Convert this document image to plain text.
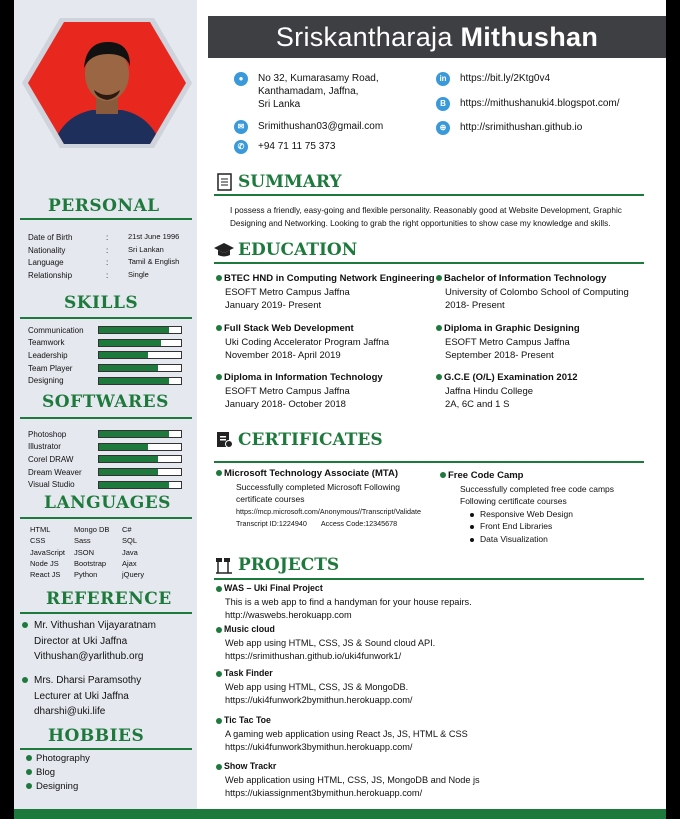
PERSONAL
Date of Birth	:	21st June 1996
Nationality	:	Sri Lankan
Language	:	Tamil & English
Relationship	:	Single
SKILLS
Communication
Teamwork
Leadership
Team Player
Designing
SOFTWARES
Photoshop
Illustrator
Corel DRAW
Dream Weaver
Visual Studio
LANGUAGES
HTML	Mongo DB	C#
CSS	Sass	SQL
JavaScript	JSON	Java
Node JS	Bootstrap	Ajax
React JS	Python	jQuery
REFERENCE
Mr. Vithushan Vijayaratnam
Director at Uki Jaffna
Vithushan@yarlithub.org
Mrs. Dharsi Paramsothy
Lecturer at Uki Jaffna
dharshi@uki.life
HOBBIES
Photography
Blog
Designing
Sriskantharaja Mithushan
●	No 32, Kumarasamy Road,
Kanthamadam, Jaffna,
Sri Lanka
✉	Srimithushan03@gmail.com
✆	+94 71 11 75 373
in	https://bit.ly/2Ktg0v4
B	https://mithushanuki4.blogspot.com/
⊕	http://srimithushan.github.io
SUMMARY
I possess a friendly, easy-going and flexible personality. Reasonably good at Website Development, Graphic Designing and Networking. Looking to grab the right opportunities to show case my knowledge and skills.
EDUCATION
BTEC HND in Computing Network Engineering
ESOFT Metro Campus Jaffna
January 2019- Present
Bachelor of Information Technology
University of Colombo School of Computing
2018- Present
Full Stack Web Development
Uki Coding Accelerator Program Jaffna
November 2018- April 2019
Diploma in Graphic Designing
ESOFT Metro Campus Jaffna
September 2018- Present
Diploma in Information Technology
ESOFT Metro Campus Jaffna
January 2018- October 2018
G.C.E (O/L) Examination 2012
Jaffna Hindu College
2A, 6C and 1 S
CERTIFICATES
Microsoft Technology Associate (MTA)
Successfully completed Microsoft Following
certificate courses
https://mcp.microsoft.com/Anonymous//Transcript/Validate
Transcript ID:1224940 Access Code:12345678
Free Code Camp
Successfully completed free code camps
Following certificate courses
Responsive Web Design
Front End Libraries
Data Visualization
PROJECTS
WAS – Uki Final Project
This is a web app to find a handyman for your house repairs.
http://waswebs.herokuapp.com
Music cloud
Web app using HTML, CSS, JS & Sound cloud API.
https://srimithushan.github.io/uki4funwork1/
Task Finder
Web app using HTML, CSS, JS & MongoDB.
https://uki4funwork2bymithun.herokuapp.com/
Tic Tac Toe
A gaming web application using React Js, JS, HTML & CSS
https://uki4funwork3bymithun.herokuapp.com/
Show Trackr
Web application using HTML, CSS, JS, MongoDB and Node js
https://ukiassignment3bymithun.herokuapp.com/
